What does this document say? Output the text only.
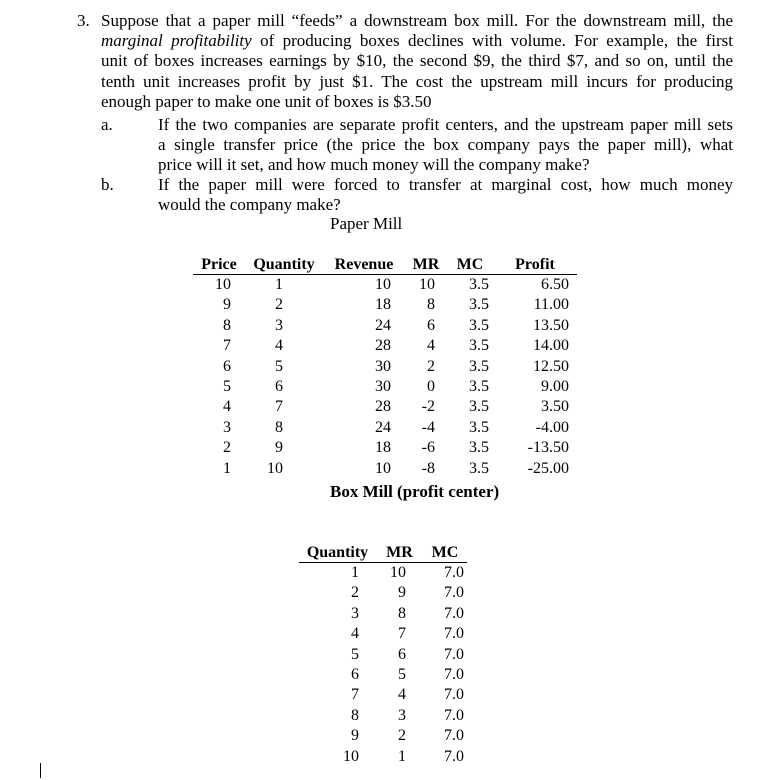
3. Suppose that a paper mill “feeds” a downstream box mill. For the downstream mill, the
marginal profitability of producing boxes declines with volume. For example, the first
unit of boxes increases earnings by $10, the second $9, the third $7, and so on, until the
tenth unit increases profit by just $1. The cost the upstream mill incurs for producing
enough paper to make one unit of boxes is $3.50
a.	If the two companies are separate profit centers, and the upstream paper mill sets
a single transfer price (the price the box company pays the paper mill), what
price will it set, and how much money will the company make?
b.	If the paper mill were forced to transfer at marginal cost, how much money
would the company make?
Paper Mill
Price	Quantity	Revenue	MR	MC	Profit
10	1	10	10	3.5	6.50
9	2	18	8	3.5	11.00
8	3	24	6	3.5	13.50
7	4	28	4	3.5	14.00
6	5	30	2	3.5	12.50
5	6	30	0	3.5	9.00
4	7	28	-2	3.5	3.50
3	8	24	-4	3.5	-4.00
2	9	18	-6	3.5	-13.50
1	10	10	-8	3.5	-25.00
Box Mill (profit center)
Quantity	MR	MC
1	10	7.0
2	9	7.0
3	8	7.0
4	7	7.0
5	6	7.0
6	5	7.0
7	4	7.0
8	3	7.0
9	2	7.0
10	1	7.0
